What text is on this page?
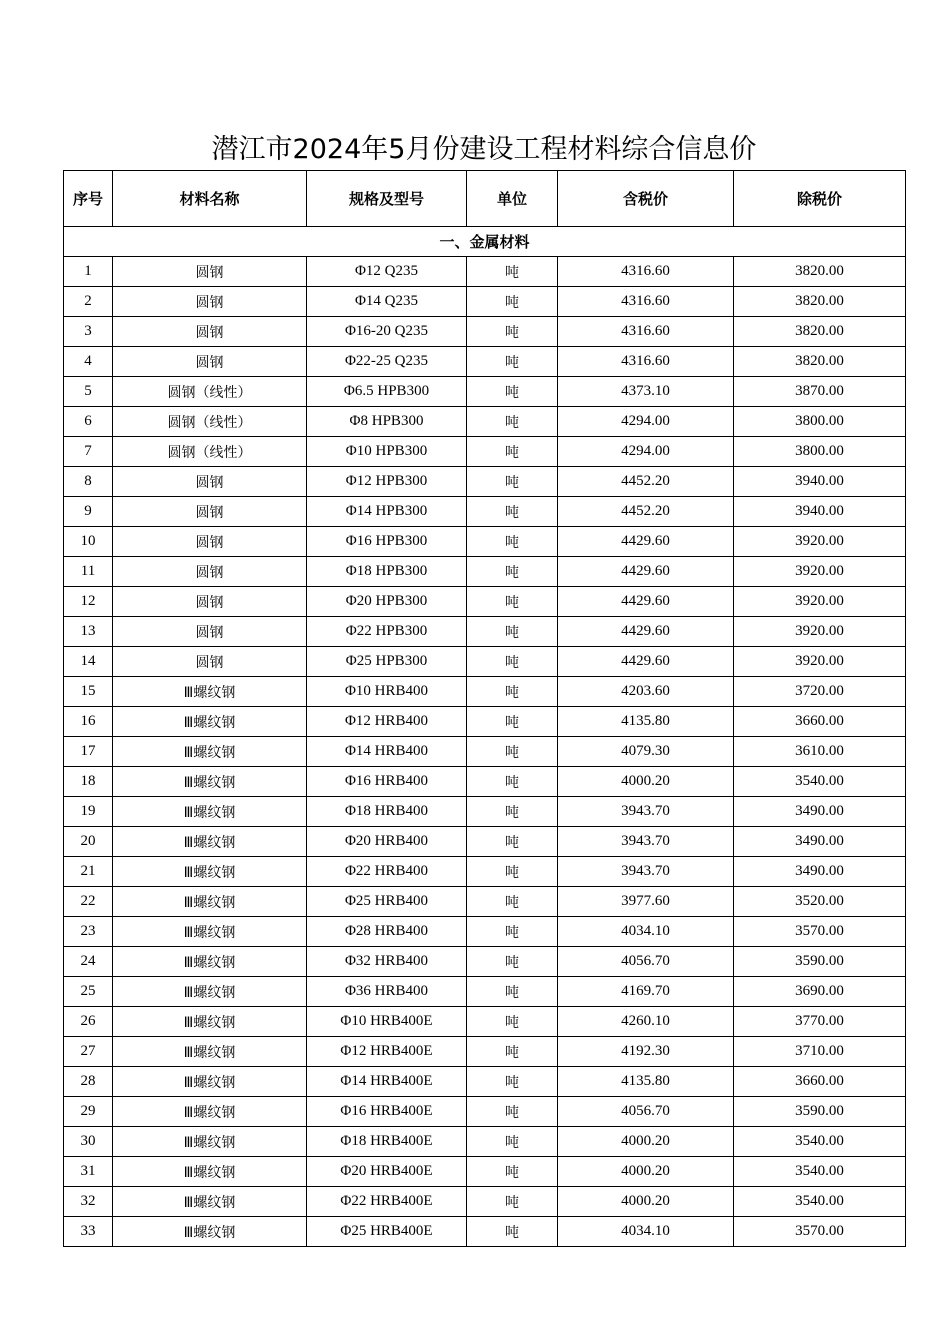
潜江市2024年5月份建设工程材料综合信息价
序号	材料名称	规格及型号	单位	含税价	除税价
一、金属材料					
1	圆钢	Φ12 Q235	吨	4316.60	3820.00
2	圆钢	Φ14 Q235	吨	4316.60	3820.00
3	圆钢	Φ16-20 Q235	吨	4316.60	3820.00
4	圆钢	Φ22-25 Q235	吨	4316.60	3820.00
5	圆钢（线性）	Φ6.5 HPB300	吨	4373.10	3870.00
6	圆钢（线性）	Φ8 HPB300	吨	4294.00	3800.00
7	圆钢（线性）	Φ10 HPB300	吨	4294.00	3800.00
8	圆钢	Φ12 HPB300	吨	4452.20	3940.00
9	圆钢	Φ14 HPB300	吨	4452.20	3940.00
10	圆钢	Φ16 HPB300	吨	4429.60	3920.00
11	圆钢	Φ18 HPB300	吨	4429.60	3920.00
12	圆钢	Φ20 HPB300	吨	4429.60	3920.00
13	圆钢	Φ22 HPB300	吨	4429.60	3920.00
14	圆钢	Φ25 HPB300	吨	4429.60	3920.00
15	Ⅲ螺纹钢	Φ10 HRB400	吨	4203.60	3720.00
16	Ⅲ螺纹钢	Φ12 HRB400	吨	4135.80	3660.00
17	Ⅲ螺纹钢	Φ14 HRB400	吨	4079.30	3610.00
18	Ⅲ螺纹钢	Φ16 HRB400	吨	4000.20	3540.00
19	Ⅲ螺纹钢	Φ18 HRB400	吨	3943.70	3490.00
20	Ⅲ螺纹钢	Φ20 HRB400	吨	3943.70	3490.00
21	Ⅲ螺纹钢	Φ22 HRB400	吨	3943.70	3490.00
22	Ⅲ螺纹钢	Φ25 HRB400	吨	3977.60	3520.00
23	Ⅲ螺纹钢	Φ28 HRB400	吨	4034.10	3570.00
24	Ⅲ螺纹钢	Φ32 HRB400	吨	4056.70	3590.00
25	Ⅲ螺纹钢	Φ36 HRB400	吨	4169.70	3690.00
26	Ⅲ螺纹钢	Φ10 HRB400E	吨	4260.10	3770.00
27	Ⅲ螺纹钢	Φ12 HRB400E	吨	4192.30	3710.00
28	Ⅲ螺纹钢	Φ14 HRB400E	吨	4135.80	3660.00
29	Ⅲ螺纹钢	Φ16 HRB400E	吨	4056.70	3590.00
30	Ⅲ螺纹钢	Φ18 HRB400E	吨	4000.20	3540.00
31	Ⅲ螺纹钢	Φ20 HRB400E	吨	4000.20	3540.00
32	Ⅲ螺纹钢	Φ22 HRB400E	吨	4000.20	3540.00
33	Ⅲ螺纹钢	Φ25 HRB400E	吨	4034.10	3570.00
